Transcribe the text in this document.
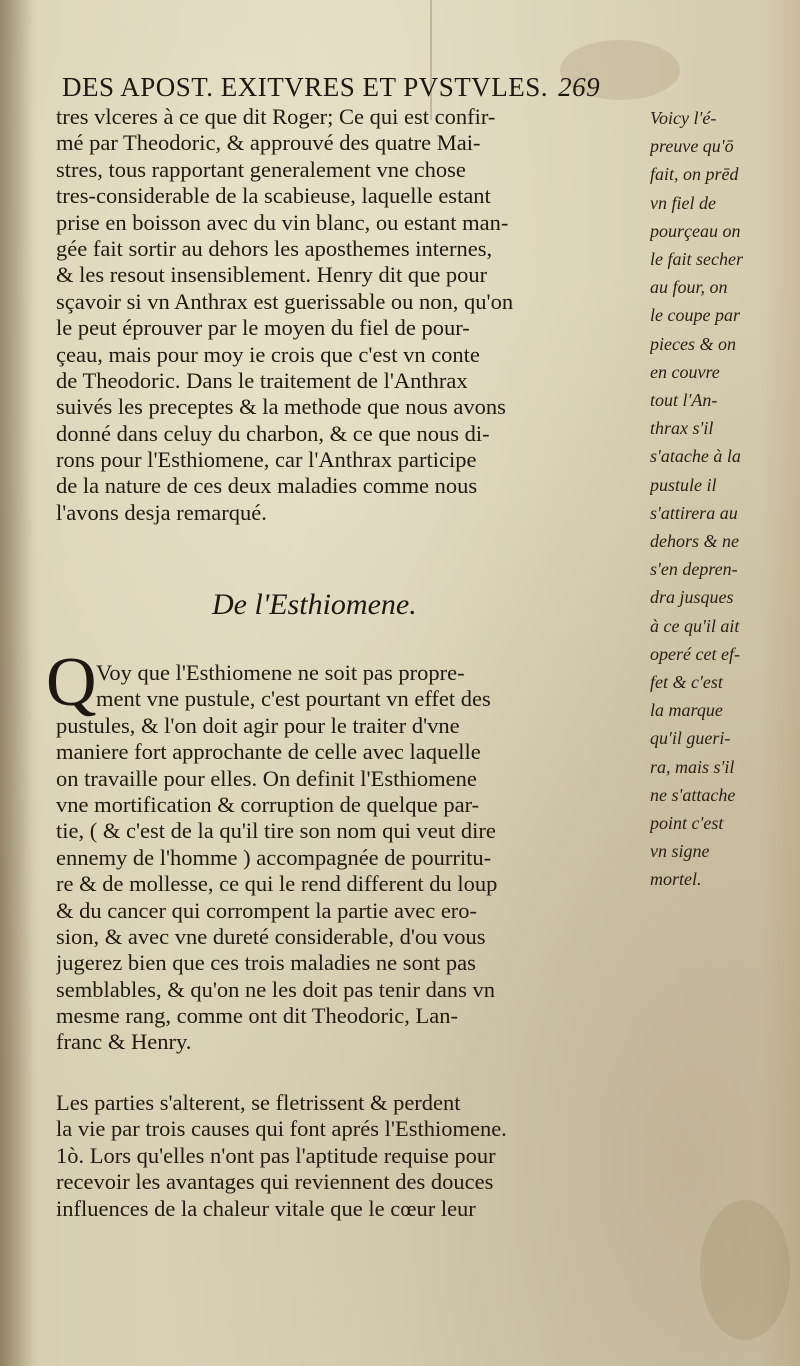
DES APOST. EXITVRES ET PVSTVLES. 269
tres vlceres à ce que dit Roger; Ce qui est confir-
mé par Theodoric, & approuvé des quatre Mai-
stres, tous rapportant generalement vne chose
tres-considerable de la scabieuse, laquelle estant
prise en boisson avec du vin blanc, ou estant man-
gée fait sortir au dehors les aposthemes internes,
& les resout insensiblement. Henry dit que pour
sçavoir si vn Anthrax est guerissable ou non, qu'on
le peut éprouver par le moyen du fiel de pour-
çeau, mais pour moy ie crois que c'est vn conte
de Theodoric. Dans le traitement de l'Anthrax
suivés les preceptes & la methode que nous avons
donné dans celuy du charbon, & ce que nous di-
rons pour l'Esthiomene, car l'Anthrax participe
de la nature de ces deux maladies comme nous
l'avons desja remarqué.
De l'Esthiomene.
Q Voy que l'Esthiomene ne soit pas propre-
ment vne pustule, c'est pourtant vn effet des
pustules, & l'on doit agir pour le traiter d'vne
maniere fort approchante de celle avec laquelle
on travaille pour elles. On definit l'Esthiomene
vne mortification & corruption de quelque par-
tie, ( & c'est de la qu'il tire son nom qui veut dire
ennemy de l'homme ) accompagnée de pourritu-
re & de mollesse, ce qui le rend different du loup
& du cancer qui corrompent la partie avec ero-
sion, & avec vne dureté considerable, d'ou vous
jugerez bien que ces trois maladies ne sont pas
semblables, & qu'on ne les doit pas tenir dans vn
mesme rang, comme ont dit Theodoric, Lan-
franc & Henry.
Les parties s'alterent, se fletrissent & perdent
la vie par trois causes qui font aprés l'Esthiomene.
1ò. Lors qu'elles n'ont pas l'aptitude requise pour
recevoir les avantages qui reviennent des douces
influences de la chaleur vitale que le cœur leur
Voicy l'é-
preuve qu'ō
fait, on prēd
vn fiel de
pourçeau on
le fait secher
au four, on
le coupe par
pieces & on
en couvre
tout l'An-
thrax s'il
s'atache à la
pustule il
s'attirera au
dehors & ne
s'en depren-
dra jusques
à ce qu'il ait
operé cet ef-
fet & c'est
la marque
qu'il gueri-
ra, mais s'il
ne s'attache
point c'est
vn signe
mortel.
